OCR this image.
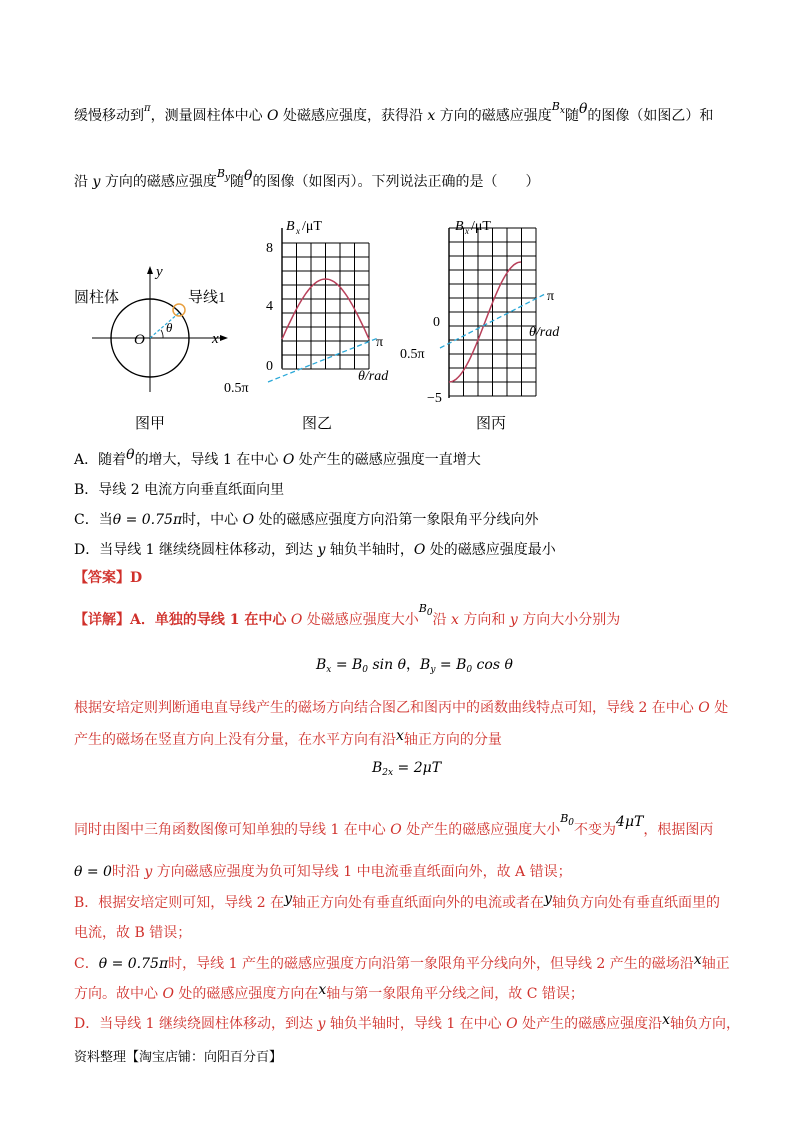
缓慢移动到$^\pi$，测量圆柱体中心 O 处磁感应强度，获得沿 x 方向的磁感应强度$^{B_x}$随θ的图像（如图乙）和
沿 y 方向的磁感应强度$^{B_y}$随θ的图像（如图丙）。下列说法正确的是（　　）
圆柱体	导线1
x
y
O
θ
图甲
B x /μT
8
4
0
π
0.5π
θ/rad
图乙
B x /μT
0
−5
π
0.5π
θ/rad
图丙
A．随着θ的增大，导线 1 在中心 O 处产生的磁感应强度一直增大
B．导线 2 电流方向垂直纸面向里
C．当θ = 0.75π时，中心 O 处的磁感应强度方向沿第一象限角平分线向外
D．当导线 1 继续绕圆柱体移动，到达 y 轴负半轴时，O 处的磁感应强度最小
【答案】D
【详解】A．单独的导线 1 在中心 O 处磁感应强度大小$^{B_0}$沿 x 方向和 y 方向大小分别为
$B_x = B_0$ sin θ，$B_y = B_0$ cos θ
根据安培定则判断通电直导线产生的磁场方向结合图乙和图丙中的函数曲线特点可知，导线 2 在中心 O 处
产生的磁场在竖直方向上没有分量，在水平方向有沿x轴正方向的分量
$B_{2x} = 2\mu T$
同时由图中三角函数图像可知单独的导线 1 在中心 O 处产生的磁感应强度大小$^{B_0}$不变为4μT，根据图丙
θ = 0时沿 y 方向磁感应强度为负可知导线 1 中电流垂直纸面向外，故 A 错误；
B．根据安培定则可知，导线 2 在y轴正方向处有垂直纸面向外的电流或者在y轴负方向处有垂直纸面里的
电流，故 B 错误；
C．θ = 0.75π时，导线 1 产生的磁感应强度方向沿第一象限角平分线向外，但导线 2 产生的磁场沿x轴正
方向。故中心 O 处的磁感应强度方向在x轴与第一象限角平分线之间，故 C 错误；
D．当导线 1 继续绕圆柱体移动，到达 y 轴负半轴时，导线 1 在中心 O 处产生的磁感应强度沿x轴负方向，
资料整理【淘宝店铺：向阳百分百】
